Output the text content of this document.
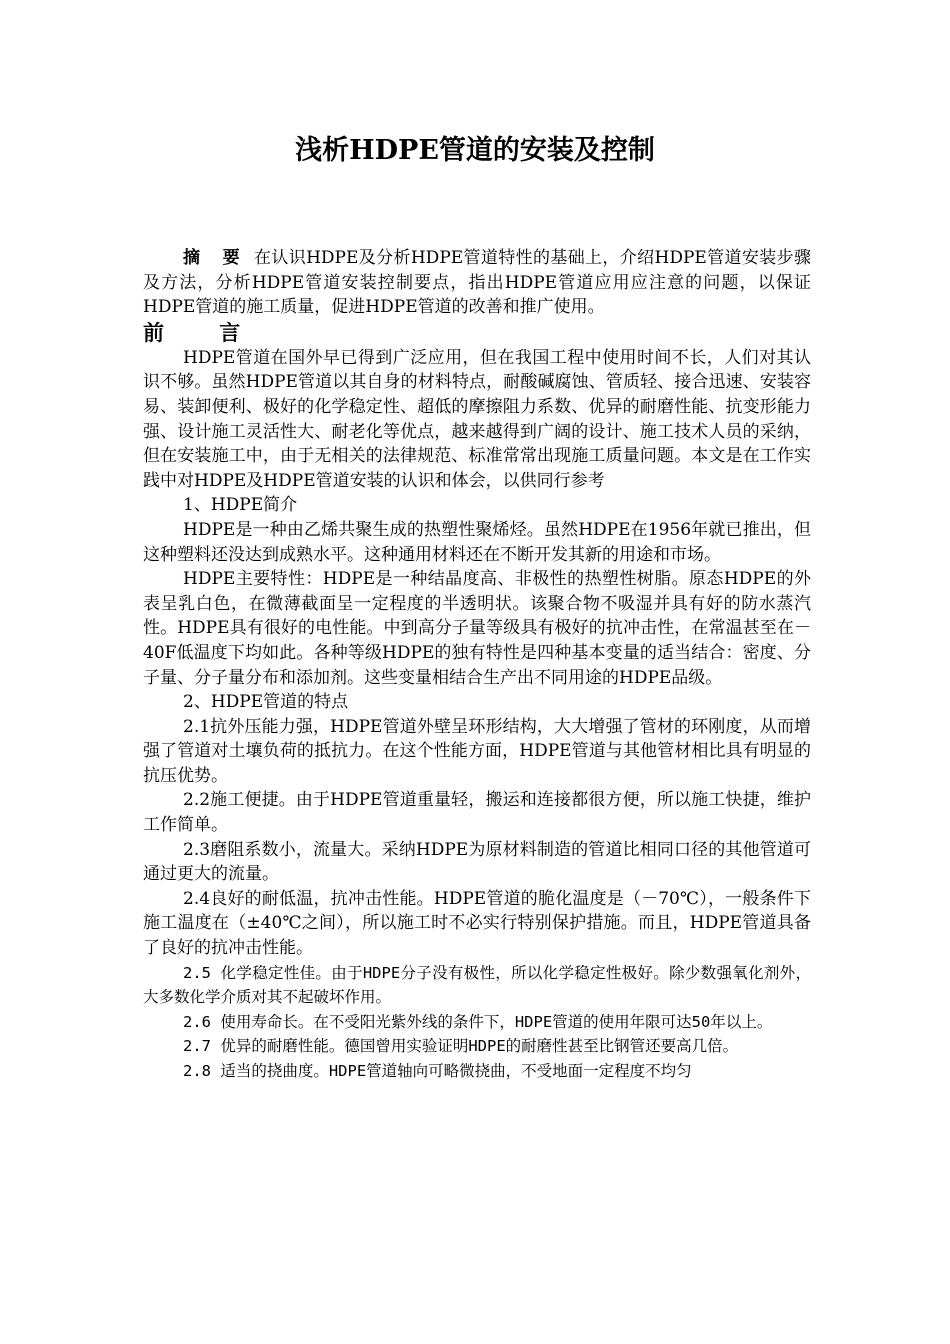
浅析HDPE管道的安装及控制

摘 要 在认识HDPE及分析HDPE管道特性的基础上，介绍HDPE管道安装步骤及方法，分析HDPE管道安装控制要点，指出HDPE管道应用应注意的问题，以保证HDPE管道的施工质量，促进HDPE管道的改善和推广使用。

前 言

HDPE管道在国外早已得到广泛应用，但在我国工程中使用时间不长，人们对其认识不够。虽然HDPE管道以其自身的材料特点，耐酸碱腐蚀、管质轻、接合迅速、安装容易、装卸便利、极好的化学稳定性、超低的摩擦阻力系数、优异的耐磨性能、抗变形能力强、设计施工灵活性大、耐老化等优点，越来越得到广阔的设计、施工技术人员的采纳，但在安装施工中，由于无相关的法律规范、标准常常出现施工质量问题。本文是在工作实践中对HDPE及HDPE管道安装的认识和体会，以供同行参考

1、HDPE简介

HDPE是一种由乙烯共聚生成的热塑性聚烯烃。虽然HDPE在1956年就已推出，但这种塑料还没达到成熟水平。这种通用材料还在不断开发其新的用途和市场。

HDPE主要特性：HDPE是一种结晶度高、非极性的热塑性树脂。原态HDPE的外表呈乳白色，在微薄截面呈一定程度的半透明状。该聚合物不吸湿并具有好的防水蒸汽性。HDPE具有很好的电性能。中到高分子量等级具有极好的抗冲击性，在常温甚至在－40F低温度下均如此。各种等级HDPE的独有特性是四种基本变量的适当结合：密度、分子量、分子量分布和添加剂。这些变量相结合生产出不同用途的HDPE品级。

2、HDPE管道的特点

2.1抗外压能力强，HDPE管道外壁呈环形结构，大大增强了管材的环刚度，从而增强了管道对土壤负荷的抵抗力。在这个性能方面，HDPE管道与其他管材相比具有明显的抗压优势。

2.2施工便捷。由于HDPE管道重量轻，搬运和连接都很方便，所以施工快捷，维护工作简单。

2.3磨阻系数小，流量大。采纳HDPE为原材料制造的管道比相同口径的其他管道可通过更大的流量。

2.4良好的耐低温，抗冲击性能。HDPE管道的脆化温度是（－70℃），一般条件下施工温度在（±40℃之间），所以施工时不必实行特别保护措施。而且，HDPE管道具备了良好的抗冲击性能。

2.5 化学稳定性佳。由于HDPE分子没有极性，所以化学稳定性极好。除少数强氧化剂外，大多数化学介质对其不起破坏作用。

2.6 使用寿命长。在不受阳光紫外线的条件下，HDPE管道的使用年限可达50年以上。

2.7 优异的耐磨性能。德国曾用实验证明HDPE的耐磨性甚至比钢管还要高几倍。

2.8 适当的挠曲度。HDPE管道轴向可略微挠曲，不受地面一定程度不均匀
